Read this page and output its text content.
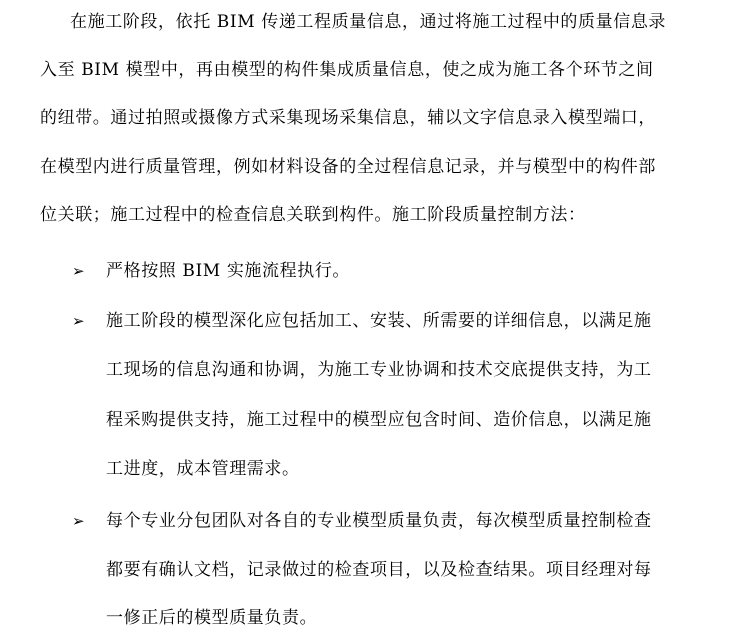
在施工阶段，依托 BIM 传递工程质量信息，通过将施工过程中的质量信息录
入至 BIM 模型中，再由模型的构件集成质量信息，使之成为施工各个环节之间
的纽带。通过拍照或摄像方式采集现场采集信息，辅以文字信息录入模型端口，
在模型内进行质量管理，例如材料设备的全过程信息记录，并与模型中的构件部
位关联；施工过程中的检查信息关联到构件。施工阶段质量控制方法：
➢ 严格按照 BIM 实施流程执行。
➢ 施工阶段的模型深化应包括加工、安装、所需要的详细信息，以满足施
工现场的信息沟通和协调，为施工专业协调和技术交底提供支持，为工
程采购提供支持，施工过程中的模型应包含时间、造价信息，以满足施
工进度，成本管理需求。
➢ 每个专业分包团队对各自的专业模型质量负责，每次模型质量控制检查
都要有确认文档，记录做过的检查项目，以及检查结果。项目经理对每
一修正后的模型质量负责。
